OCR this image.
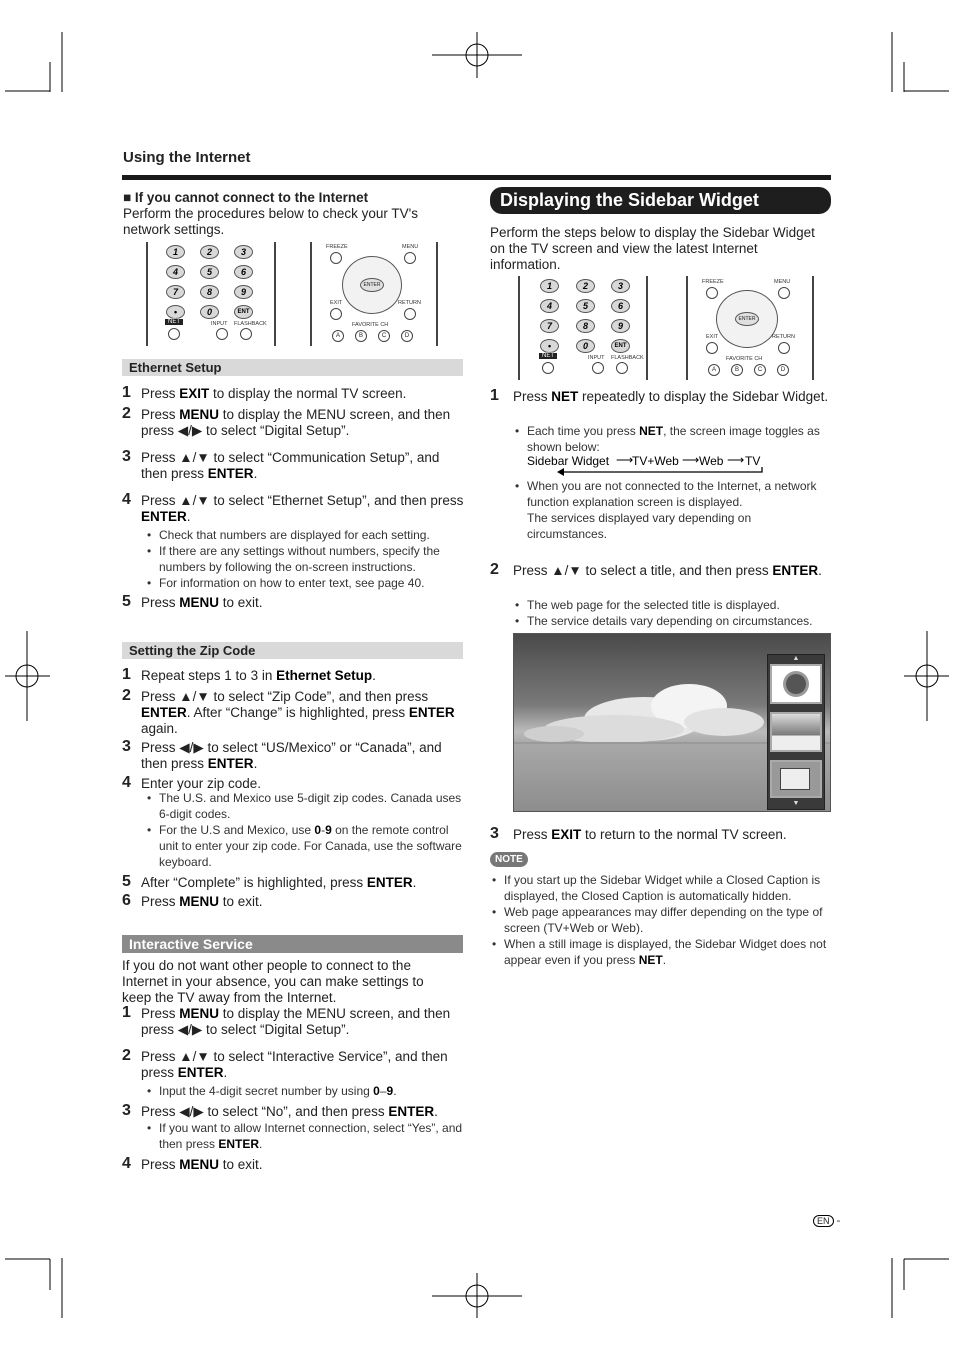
Using the Internet
■ If you cannot connect to the Internet
Perform the procedures below to check your TV's network settings.
1	2	3
4	5	6
7	8	9
•	0	ENT
NET	INPUT FLASHBACK
FREEZE	MENU
ENTER
EXIT	RETURN
FAVORITE CH
A	B	C	D
Ethernet Setup
1 Press EXIT to display the normal TV screen.
2 Press MENU to display the MENU screen, and then press ◀/▶ to select “Digital Setup”.
3 Press ▲/▼ to select “Communication Setup”, and then press ENTER.
4 Press ▲/▼ to select “Ethernet Setup”, and then press ENTER.
• Check that numbers are displayed for each setting.
• If there are any settings without numbers, specify the numbers by following the on-screen instructions.
• For information on how to enter text, see page 40.
5 Press MENU to exit.
Setting the Zip Code
1 Repeat steps 1 to 3 in Ethernet Setup.
2 Press ▲/▼ to select “Zip Code”, and then press ENTER. After “Change” is highlighted, press ENTER again.
3 Press ◀/▶ to select “US/Mexico” or “Canada”, and then press ENTER.
4 Enter your zip code.
• The U.S. and Mexico use 5-digit zip codes. Canada uses 6-digit codes.
• For the U.S and Mexico, use 0-9 on the remote control unit to enter your zip code. For Canada, use the software keyboard.
5 After “Complete” is highlighted, press ENTER.
6 Press MENU to exit.
Interactive Service
If you do not want other people to connect to the Internet in your absence, you can make settings to keep the TV away from the Internet.
1 Press MENU to display the MENU screen, and then press ◀/▶ to select “Digital Setup”.
2 Press ▲/▼ to select “Interactive Service”, and then press ENTER.
• Input the 4-digit secret number by using 0–9.
3 Press ◀/▶ to select “No”, and then press ENTER.
• If you want to allow Internet connection, select “Yes”, and then press ENTER.
4 Press MENU to exit.
Displaying the Sidebar Widget
Perform the steps below to display the Sidebar Widget on the TV screen and view the latest Internet information.
1	2	3
4	5	6
7	8	9
•	0	ENT
NET	INPUT FLASHBACK
FREEZE	MENU
ENTER
EXIT	RETURN
FAVORITE CH
A	B	C	D
1 Press NET repeatedly to display the Sidebar Widget.
• Each time you press NET, the screen image toggles as shown below:
Sidebar Widget ⟶
TV+Web ⟶ Web ⟶ TV
• When you are not connected to the Internet, a network function explanation screen is displayed.
The services displayed vary depending on circumstances.
2 Press ▲/▼ to select a title, and then press ENTER.
• The web page for the selected title is displayed.
• The service details vary depending on circumstances.
▲
▼
3 Press EXIT to return to the normal TV screen.
NOTE
• If you start up the Sidebar Widget while a Closed Caption is displayed, the Closed Caption is automatically hidden.
• Web page appearances may differ depending on the type of screen (TV+Web or Web).
• When a still image is displayed, the Sidebar Widget does not appear even if you press NET.
EN -
